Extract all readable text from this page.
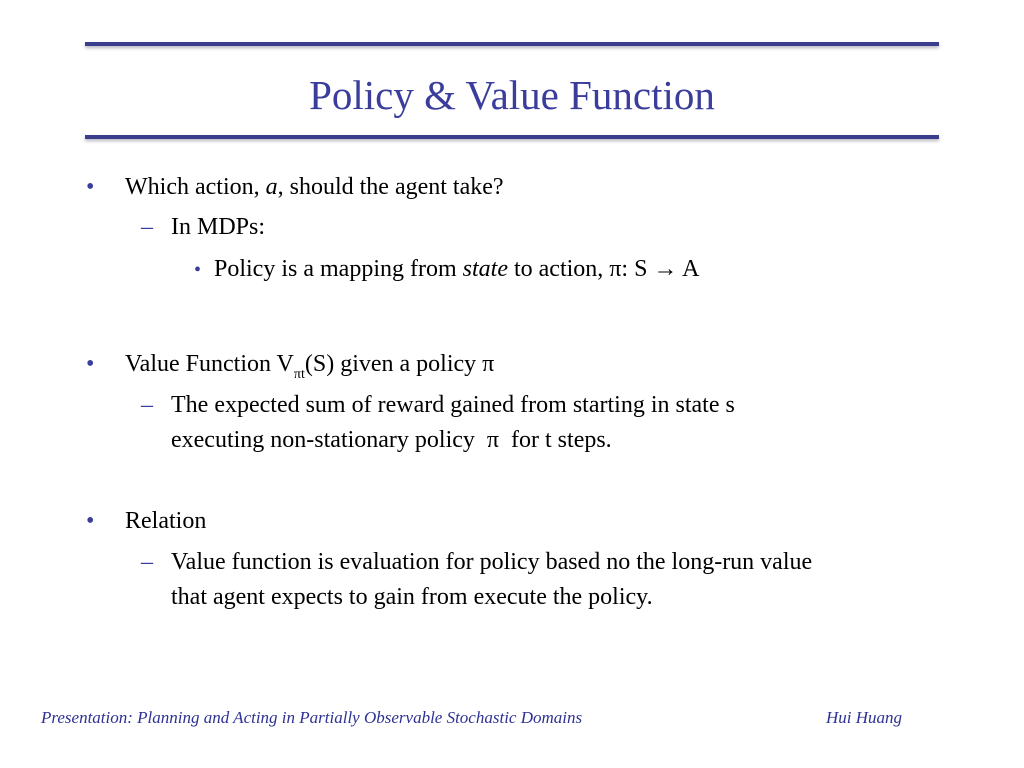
Policy & Value Function
• Which action, a, should the agent take?
– In MDPs:
• Policy is a mapping from state to action, π: S → A
• Value Function $V_{\pi t}(S)$ given a policy π
– The expected sum of reward gained from starting in state s
executing non-stationary policy  π  for t steps.
• Relation
– Value function is evaluation for policy based no the long-run value
that agent expects to gain from execute the policy.
Presentation: Planning and Acting in Partially Observable Stochastic Domains	Hui Huang
